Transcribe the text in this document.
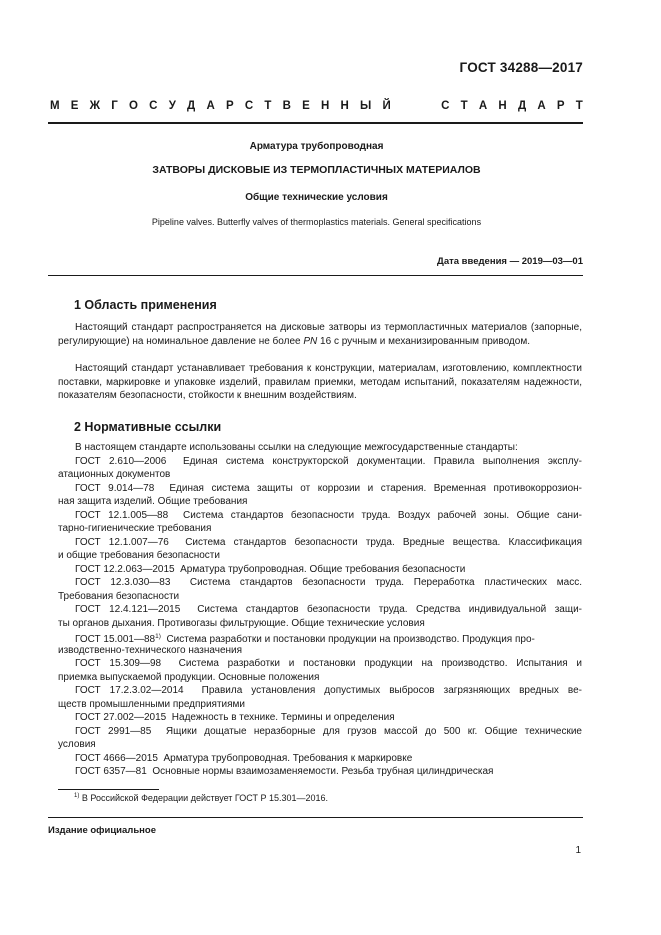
ГОСТ 34288—2017
М Е Ж Г О С У Д А Р С Т В Е Н Н Ы Й	С Т А Н Д А Р Т
Арматура трубопроводная
ЗАТВОРЫ ДИСКОВЫЕ ИЗ ТЕРМОПЛАСТИЧНЫХ МАТЕРИАЛОВ
Общие технические условия
Pipeline valves. Butterfly valves of thermoplastics materials. General specifications
Дата введения — 2019—03—01
1 Область применения
Настоящий стандарт распространяется на дисковые затворы из термопластичных материалов (запорные, регулирующие) на номинальное давление не более PN 16 с ручным и механизированным приводом.
Настоящий стандарт устанавливает требования к конструкции, материалам, изготовлению, комплектности поставки, маркировке и упаковке изделий, правилам приемки, методам испытаний, показателям надежности, показателям безопасности, стойкости к внешним воздействиям.
2 Нормативные ссылки
В настоящем стандарте использованы ссылки на следующие межгосударственные стандарты:
ГОСТ 2.610—2006  Единая система конструкторской документации. Правила выполнения эксплу-
атационных документов
ГОСТ 9.014—78  Единая система защиты от коррозии и старения. Временная противокоррозион-
ная защита изделий. Общие требования
ГОСТ 12.1.005—88  Система стандартов безопасности труда. Воздух рабочей зоны. Общие сани-
тарно-гигиенические требования
ГОСТ 12.1.007—76  Система стандартов безопасности труда. Вредные вещества. Классификация
и общие требования безопасности
ГОСТ 12.2.063—2015  Арматура трубопроводная. Общие требования безопасности
ГОСТ 12.3.030—83  Система стандартов безопасности труда. Переработка пластических масс.
Требования безопасности
ГОСТ 12.4.121—2015  Система стандартов безопасности труда. Средства индивидуальной защи-
ты органов дыхания. Противогазы фильтрующие. Общие технические условия
ГОСТ 15.001—88$^{1)}$  Система разработки и постановки продукции на производство. Продукция про-
изводственно-технического назначения
ГОСТ 15.309—98  Система разработки и постановки продукции на производство. Испытания и
приемка выпускаемой продукции. Основные положения
ГОСТ 17.2.3.02—2014  Правила установления допустимых выбросов загрязняющих вредных ве-
ществ промышленными предприятиями
ГОСТ 27.002—2015  Надежность в технике. Термины и определения
ГОСТ 2991—85  Ящики дощатые неразборные для грузов массой до 500 кг. Общие технические
условия
ГОСТ 4666—2015  Арматура трубопроводная. Требования к маркировке
ГОСТ 6357—81  Основные нормы взаимозаменяемости. Резьба трубная цилиндрическая
$^{1)}$ В Российской Федерации действует ГОСТ Р 15.301—2016.
Издание официальное
1
